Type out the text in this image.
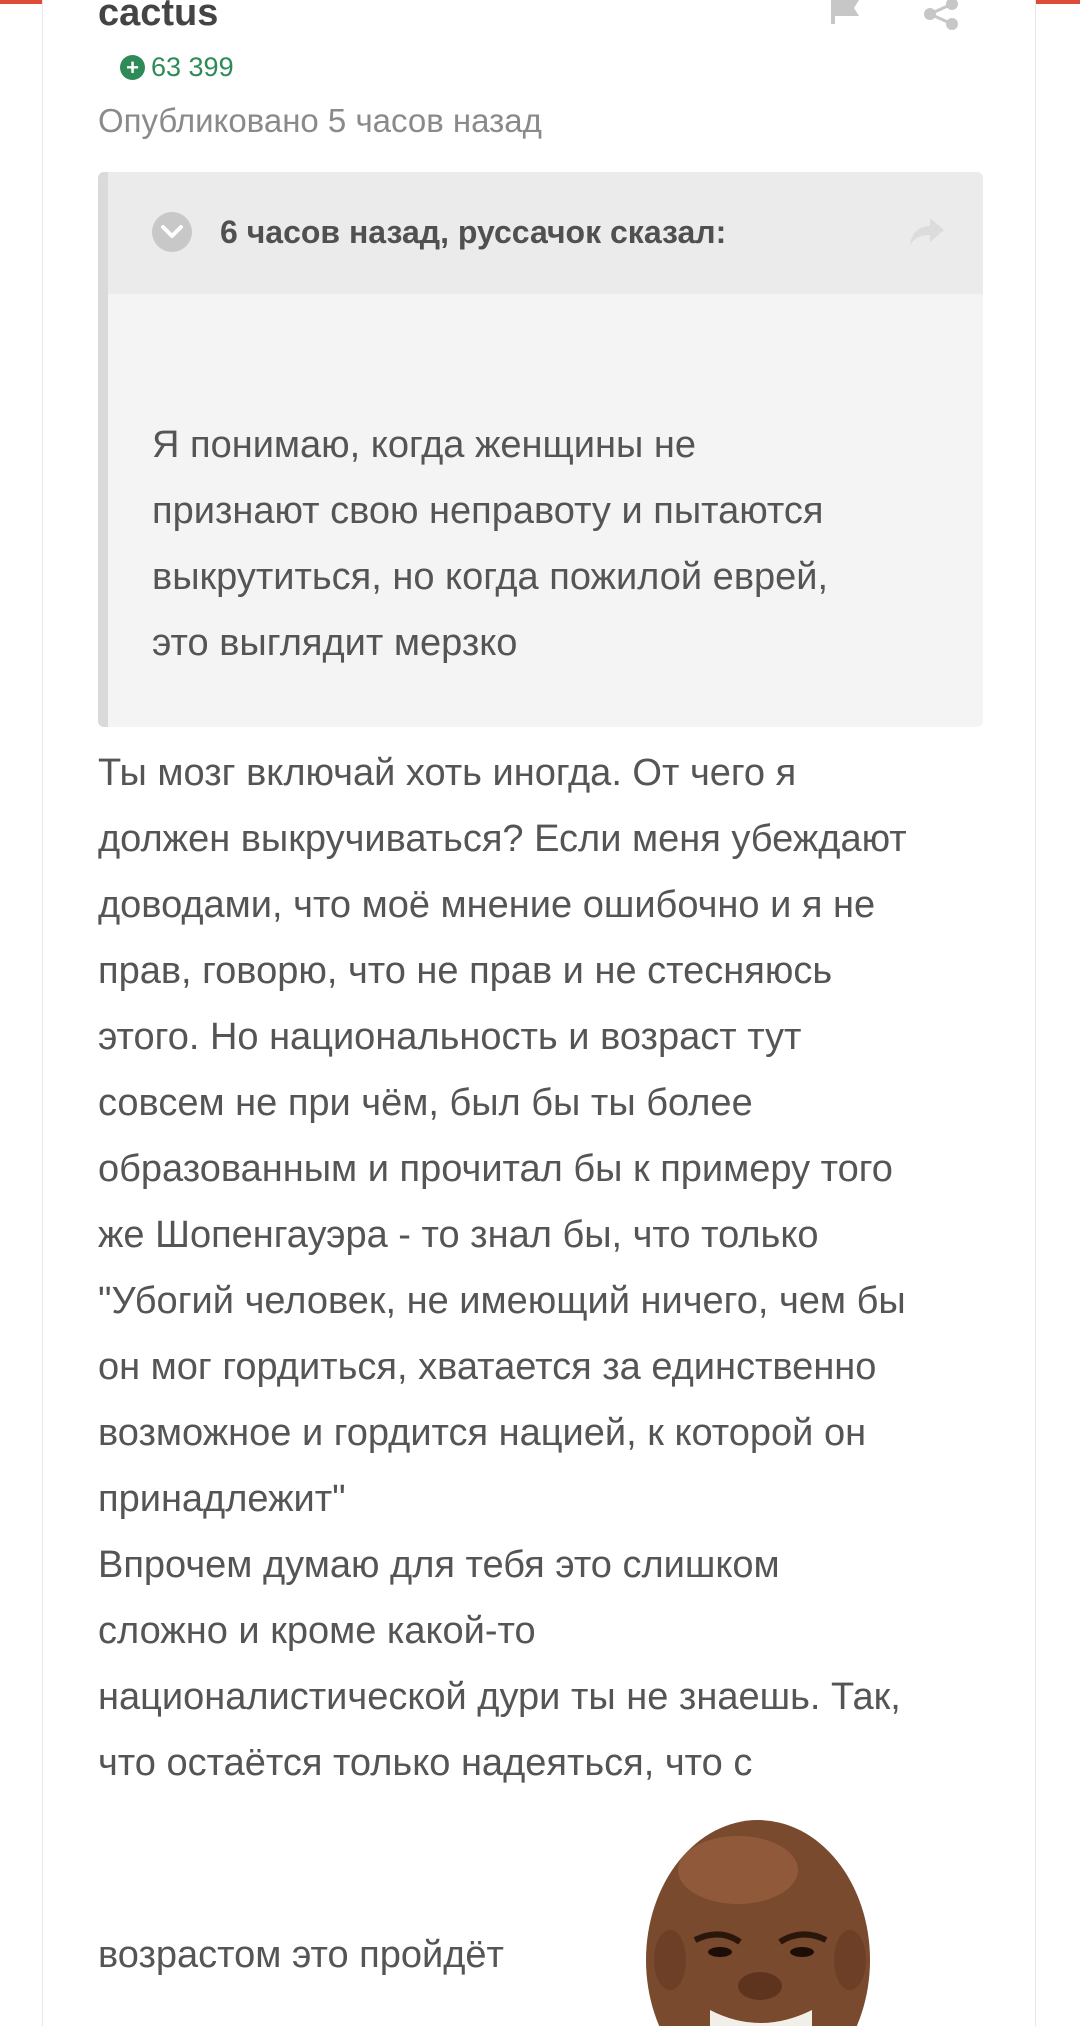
cactus
+ 63 399
Опубликовано 5 часов назад
6 часов назад, руссачок сказал:
Я понимаю, когда женщины не
признают свою неправоту и пытаются
выкрутиться, но когда пожилой еврей,
это выглядит мерзко
Ты мозг включай хоть иногда. От чего я
должен выкручиваться? Если меня убеждают
доводами, что моё мнение ошибочно и я не
прав, говорю, что не прав и не стесняюсь
этого. Но национальность и возраст тут
совсем не при чём, был бы ты более
образованным и прочитал бы к примеру того
же Шопенгауэра - то знал бы, что только
"Убогий человек, не имеющий ничего, чем бы
он мог гордиться, хватается за единственно
возможное и гордится нацией, к которой он
принадлежит"
Впрочем думаю для тебя это слишком
сложно и кроме какой-то
националистической дури ты не знаешь. Так,
что остаётся только надеяться, что с
возрастом это пройдёт
